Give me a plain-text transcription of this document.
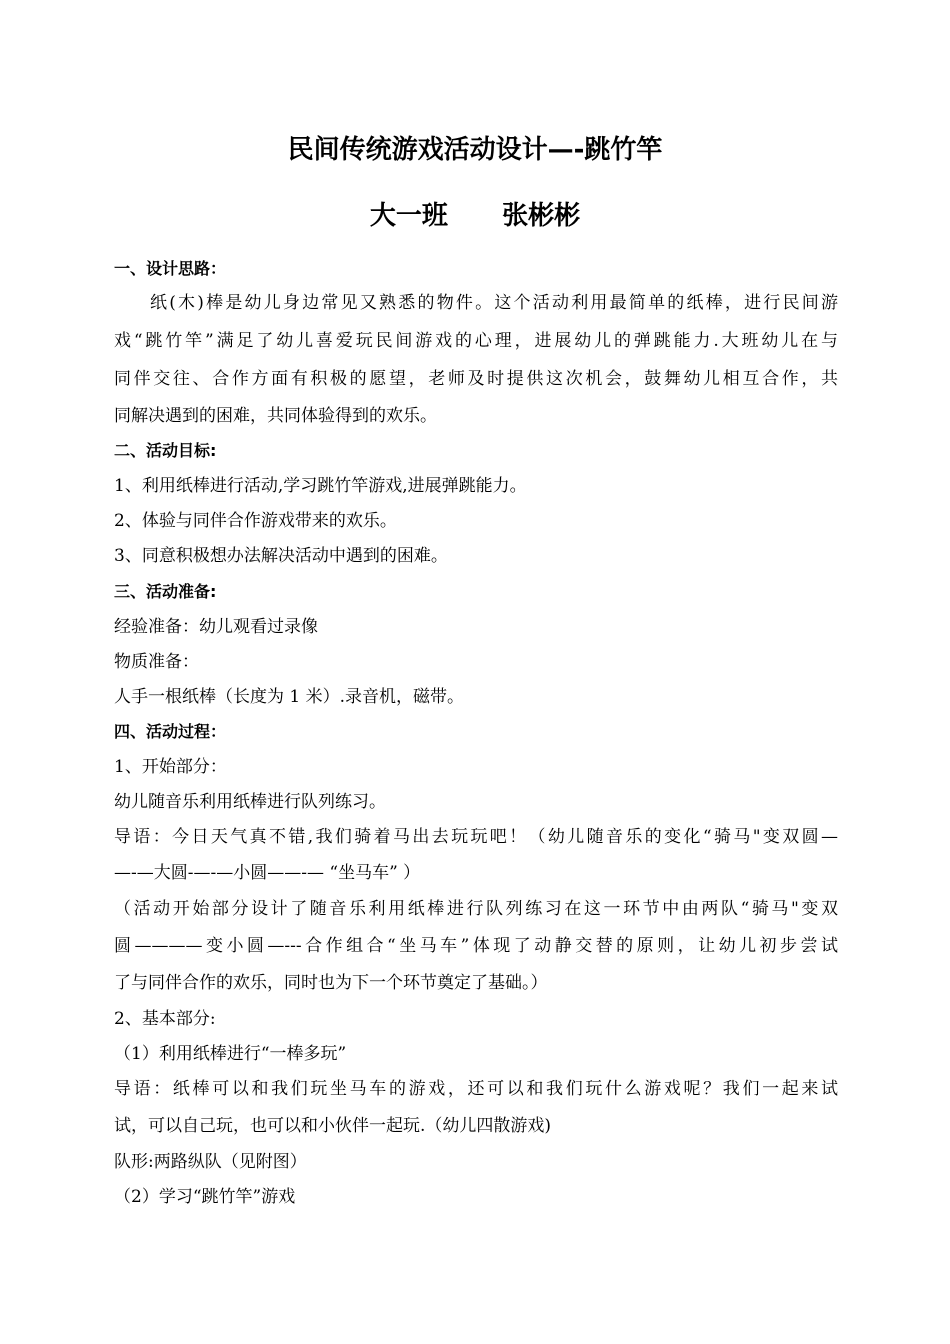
民间传统游戏活动设计—-跳竹竿
大一班      张彬彬
一、设计思路：
纸(木)棒是幼儿身边常见又熟悉的物件。这个活动利用最简单的纸棒，进行民间游
戏“跳竹竿”满足了幼儿喜爱玩民间游戏的心理，进展幼儿的弹跳能力.大班幼儿在与
同伴交往、合作方面有积极的愿望，老师及时提供这次机会，鼓舞幼儿相互合作，共
同解决遇到的困难，共同体验得到的欢乐。
二、活动目标:
1、利用纸棒进行活动,学习跳竹竿游戏,进展弹跳能力。
2、体验与同伴合作游戏带来的欢乐。
3、同意积极想办法解决活动中遇到的困难。
三、活动准备:
经验准备：幼儿观看过录像
物质准备：
人手一根纸棒（长度为 1 米）.录音机，磁带。
四、活动过程：
1、开始部分：
幼儿随音乐利用纸棒进行队列练习。
导语：今日天气真不错,我们骑着马出去玩玩吧！（幼儿随音乐的变化“骑马"变双圆—
—-—大圆-—-—小圆——-— “坐马车” ）
（活动开始部分设计了随音乐利用纸棒进行队列练习在这一环节中由两队“骑马"变双
圆————变小圆—---合作组合“坐马车”体现了动静交替的原则，让幼儿初步尝试
了与同伴合作的欢乐，同时也为下一个环节奠定了基础。）
2、基本部分:
（1）利用纸棒进行“一棒多玩”
导语：纸棒可以和我们玩坐马车的游戏，还可以和我们玩什么游戏呢？我们一起来试
试，可以自己玩，也可以和小伙伴一起玩.（幼儿四散游戏)
队形:两路纵队（见附图）
（2）学习“跳竹竿”游戏
